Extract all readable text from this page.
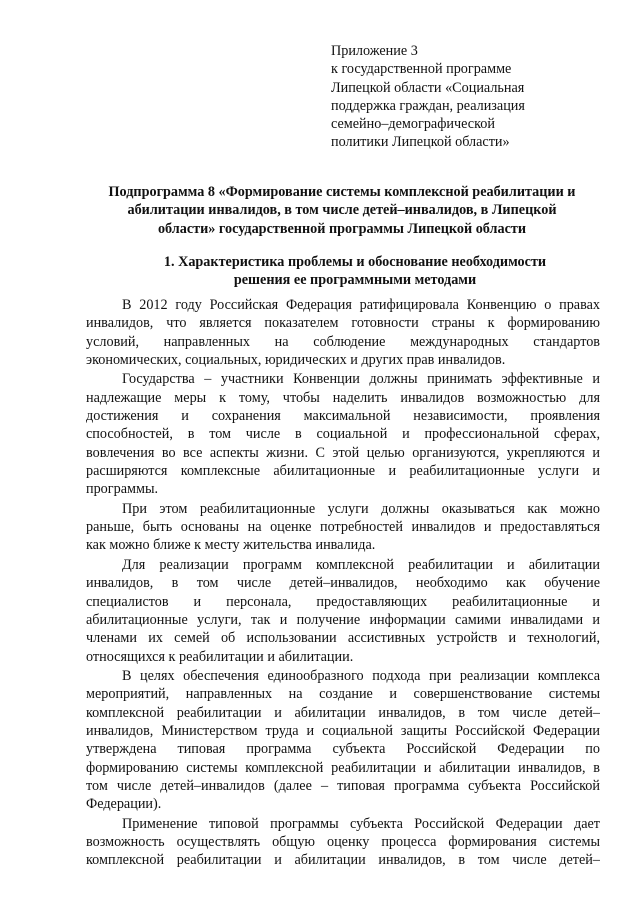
Приложение 3
к государственной программе
Липецкой области «Социальная
поддержка граждан, реализация
семейно–демографической
политики Липецкой области»
Подпрограмма 8 «Формирование системы комплексной реабилитации и
абилитации инвалидов, в том числе детей–инвалидов, в Липецкой
области» государственной программы Липецкой области
1. Характеристика проблемы и обоснование необходимости
решения ее программными методами
В 2012 году Российская Федерация ратифицировала Конвенцию о правах
инвалидов, что является показателем готовности страны к формированию
условий, направленных на соблюдение международных стандартов
экономических, социальных, юридических и других прав инвалидов.
Государства – участники Конвенции должны принимать эффективные и
надлежащие меры к тому, чтобы наделить инвалидов возможностью для
достижения и сохранения максимальной независимости, проявления
способностей, в том числе в социальной и профессиональной сферах,
вовлечения во все аспекты жизни. С этой целью организуются, укрепляются и
расширяются комплексные абилитационные и реабилитационные услуги и
программы.
При этом реабилитационные услуги должны оказываться как можно
раньше, быть основаны на оценке потребностей инвалидов и предоставляться
как можно ближе к месту жительства инвалида.
Для реализации программ комплексной реабилитации и абилитации
инвалидов, в том числе детей–инвалидов, необходимо как обучение
специалистов и персонала, предоставляющих реабилитационные и
абилитационные услуги, так и получение информации самими инвалидами и
членами их семей об использовании ассистивных устройств и технологий,
относящихся к реабилитации и абилитации.
В целях обеспечения единообразного подхода при реализации комплекса
мероприятий, направленных на создание и совершенствование системы
комплексной реабилитации и абилитации инвалидов, в том числе детей–
инвалидов, Министерством труда и социальной защиты Российской Федерации
утверждена типовая программа субъекта Российской Федерации по
формированию системы комплексной реабилитации и абилитации инвалидов, в
том числе детей–инвалидов (далее – типовая программа субъекта Российской
Федерации).
Применение типовой программы субъекта Российской Федерации дает
возможность осуществлять общую оценку процесса формирования системы
комплексной реабилитации и абилитации инвалидов, в том числе детей–
